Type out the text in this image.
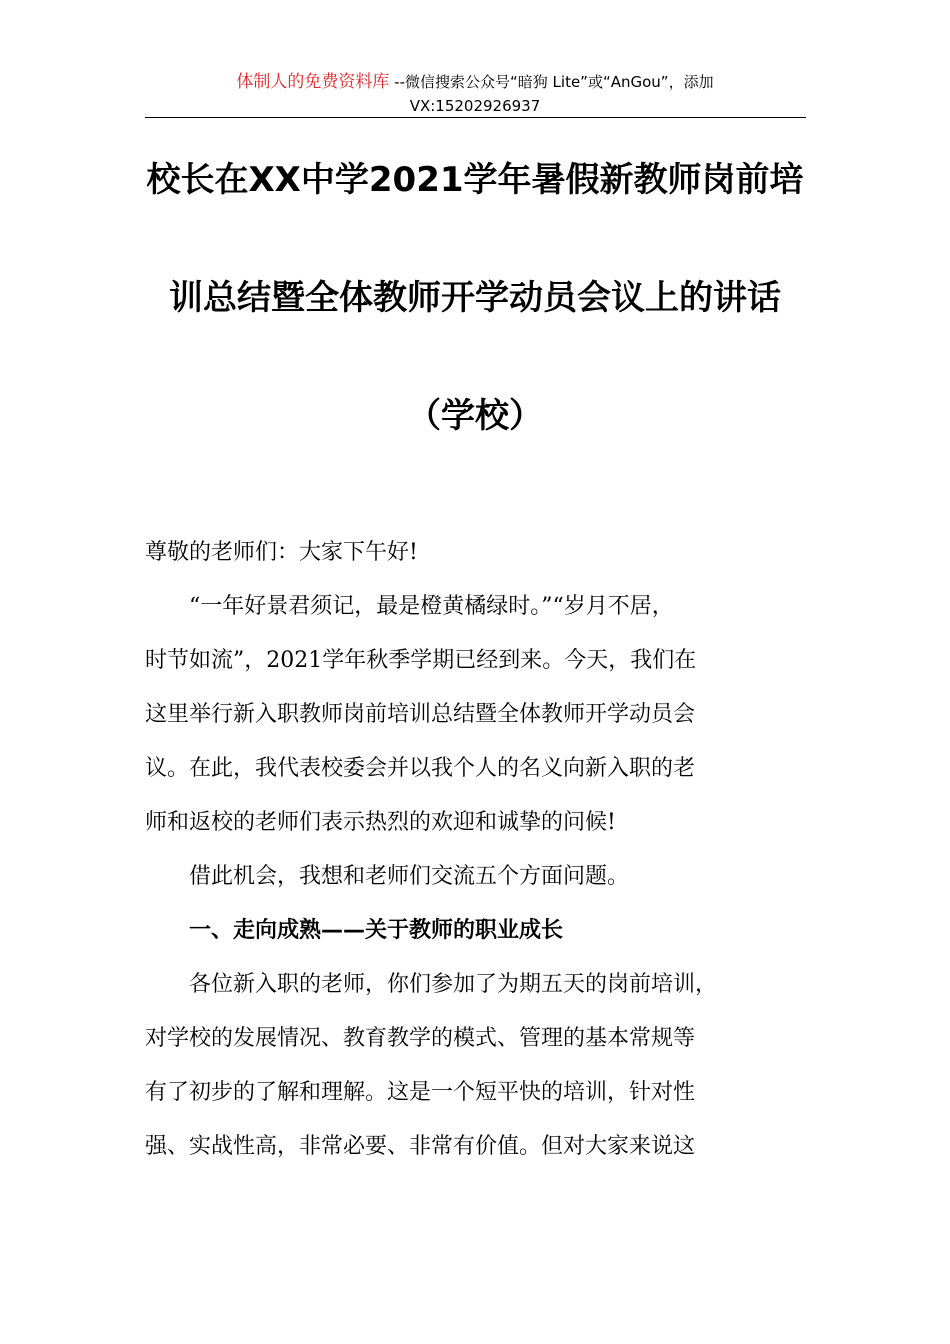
体制人的免费资料库 --微信搜索公众号“暗狗 Lite”或“AnGou”，添加
VX:15202926937
校长在XX中学2021学年暑假新教师岗前培
训总结暨全体教师开学动员会议上的讲话
（学校）
尊敬的老师们：大家下午好!
“一年好景君须记，最是橙黄橘绿时。”“岁月不居，
时节如流”，2021学年秋季学期已经到来。今天，我们在
这里举行新入职教师岗前培训总结暨全体教师开学动员会
议。在此，我代表校委会并以我个人的名义向新入职的老
师和返校的老师们表示热烈的欢迎和诚挚的问候!
借此机会，我想和老师们交流五个方面问题。
一、走向成熟——关于教师的职业成长
各位新入职的老师，你们参加了为期五天的岗前培训，
对学校的发展情况、教育教学的模式、管理的基本常规等
有了初步的了解和理解。这是一个短平快的培训，针对性
强、实战性高，非常必要、非常有价值。但对大家来说这
